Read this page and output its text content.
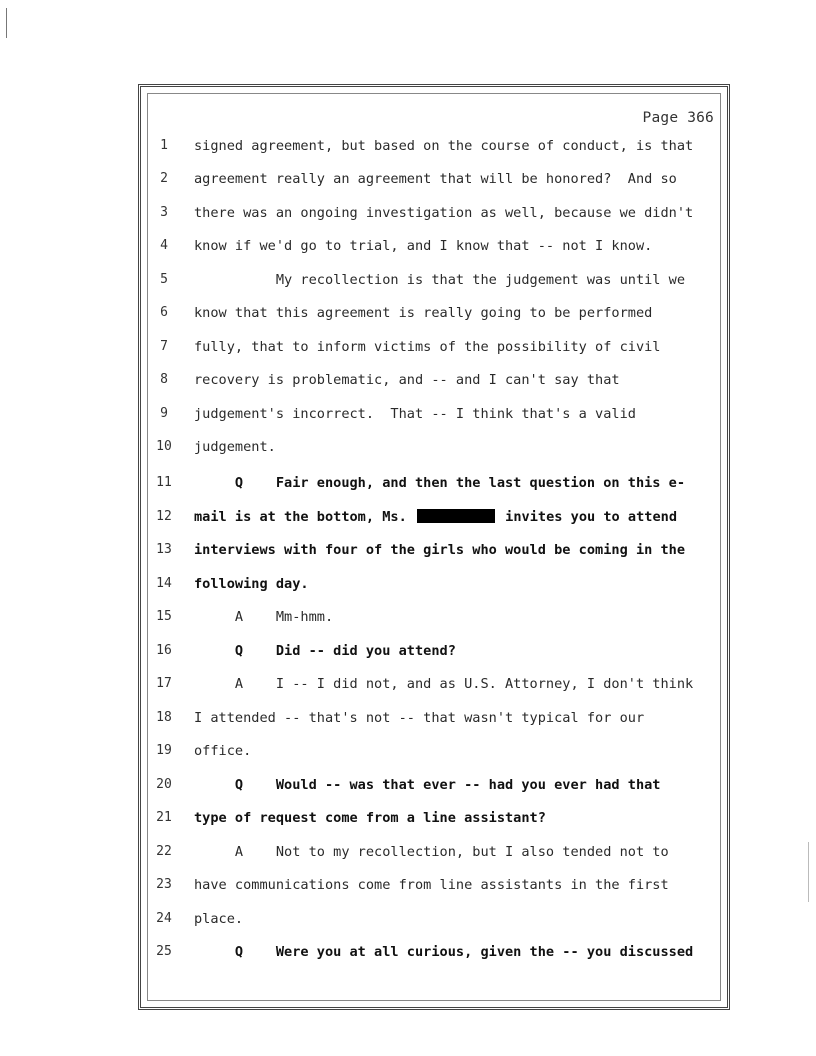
Page 366
1	signed agreement, but based on the course of conduct, is that
2	agreement really an agreement that will be honored?  And so
3	there was an ongoing investigation as well, because we didn't
4	know if we'd go to trial, and I know that -- not I know.
5	My recollection is that the judgement was until we
6	know that this agreement is really going to be performed
7	fully, that to inform victims of the possibility of civil
8	recovery is problematic, and -- and I can't say that
9	judgement's incorrect.  That -- I think that's a valid
10	judgement.
11	Q    Fair enough, and then the last question on this e-
12	mail is at the bottom, Ms.	invites you to attend
13	interviews with four of the girls who would be coming in the
14	following day.
15	A    Mm-hmm.
16	Q    Did -- did you attend?
17	A    I -- I did not, and as U.S. Attorney, I don't think
18	I attended -- that's not -- that wasn't typical for our
19	office.
20	Q    Would -- was that ever -- had you ever had that
21	type of request come from a line assistant?
22	A    Not to my recollection, but I also tended not to
23	have communications come from line assistants in the first
24	place.
25	Q    Were you at all curious, given the -- you discussed
